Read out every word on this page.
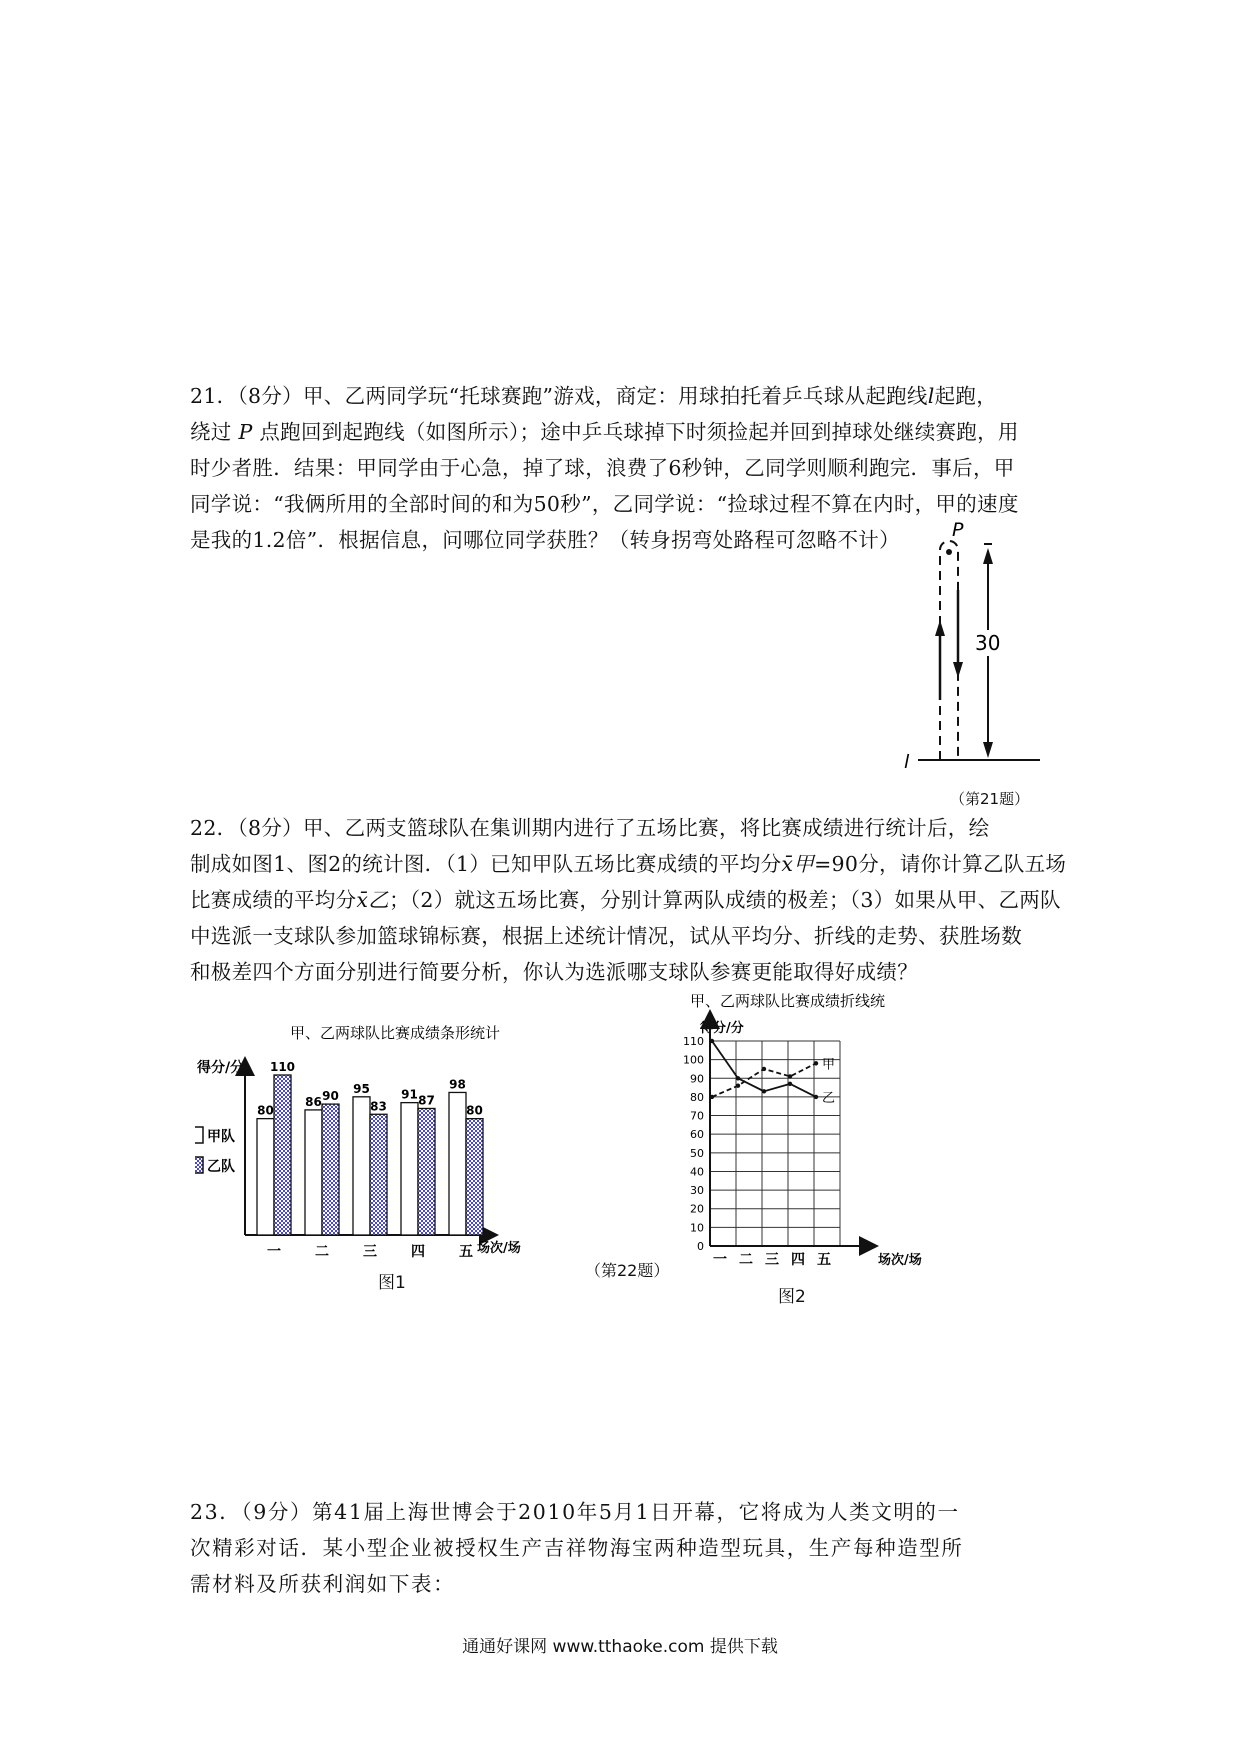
21．（8分）甲、乙两同学玩“托球赛跑”游戏，商定：用球拍托着乒乓球从起跑线l起跑，
绕过 P 点跑回到起跑线（如图所示）；途中乒乓球掉下时须捡起并回到掉球处继续赛跑，用
时少者胜．结果：甲同学由于心急，掉了球，浪费了6秒钟，乙同学则顺利跑完．事后，甲
同学说：“我俩所用的全部时间的和为50秒”，乙同学说：“捡球过程不算在内时，甲的速度
是我的1.2倍”．根据信息，问哪位同学获胜？（转身拐弯处路程可忽略不计）	P
l
30
（第21题）
22．（8分）甲、乙两支篮球队在集训期内进行了五场比赛，将比赛成绩进行统计后，绘
制成如图1、图2的统计图．（1）已知甲队五场比赛成绩的平均分x̄甲=90分，请你计算乙队五场
比赛成绩的平均分x̄乙；（2）就这五场比赛，分别计算两队成绩的极差；（3）如果从甲、乙两队
中选派一支球队参加篮球锦标赛，根据上述统计情况，试从平均分、折线的走势、获胜场数
和极差四个方面分别进行简要分析，你认为选派哪支球队参赛更能取得好成绩？
甲、乙两球队比赛成绩条形统计
得分/分
甲队
乙队
80
110
一
86 90
二
95
83
三
91 87
四
98
80
五 场次/场
图1
（第22题）
甲、乙两球队比赛成绩折线统
得分/分
0
10
20
30
40
50
60
70
80
90
100
110
一 二 三 四 五
甲
乙
场次/场
图2
23．（9分）第41届上海世博会于2010年5月1日开幕，它将成为人类文明的一
次精彩对话．某小型企业被授权生产吉祥物海宝两种造型玩具，生产每种造型所
需材料及所获利润如下表：
通通好课网 www.tthaoke.com 提供下载
